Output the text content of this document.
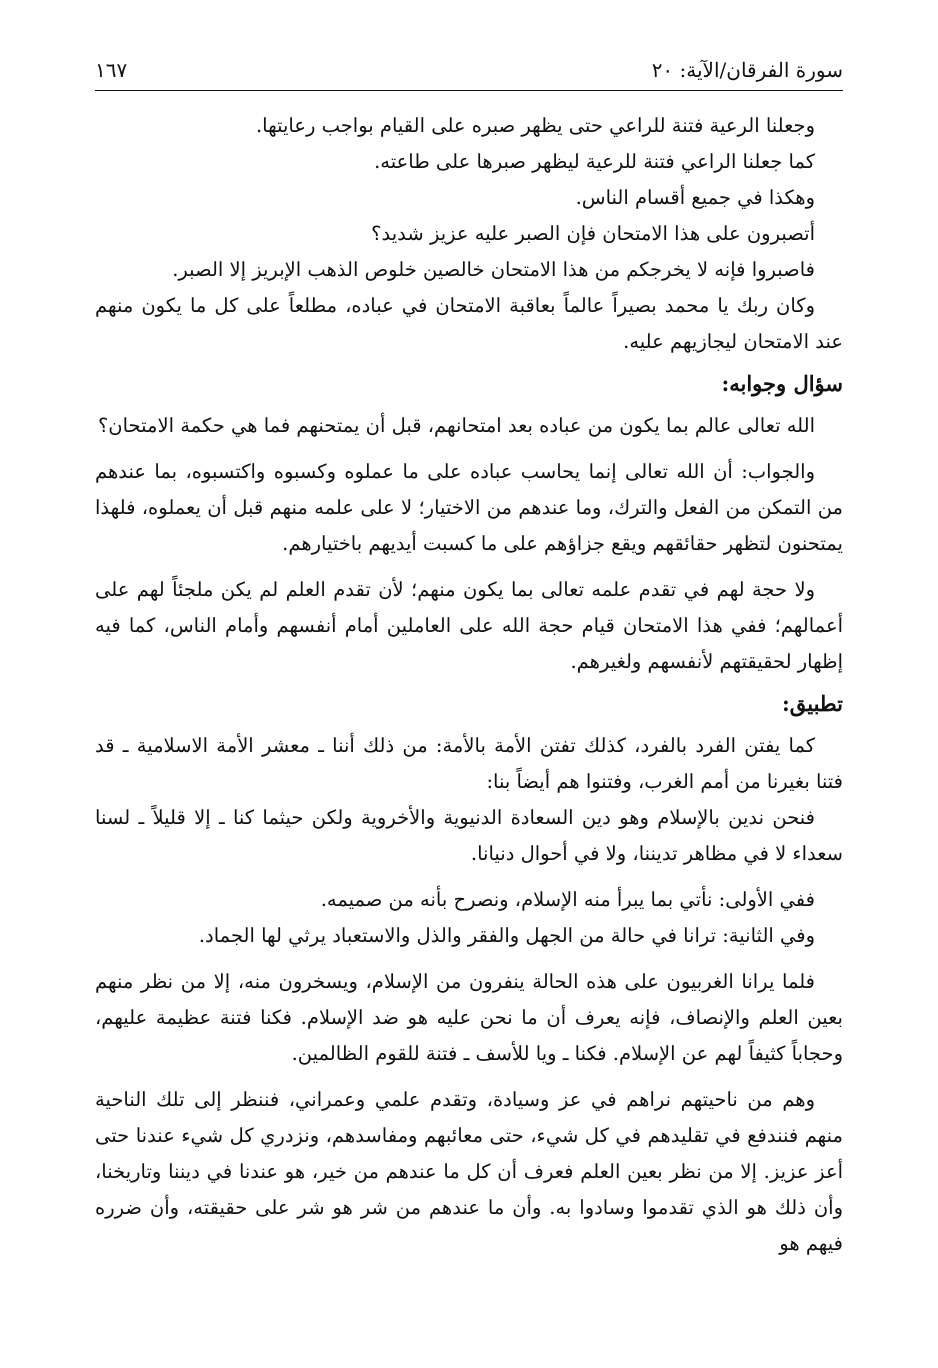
سورة الفرقان/الآية: ٢٠
١٦٧

وجعلنا الرعية فتنة للراعي حتى يظهر صبره على القيام بواجب رعايتها.

كما جعلنا الراعي فتنة للرعية ليظهر صبرها على طاعته.

وهكذا في جميع أقسام الناس.

أتصبرون على هذا الامتحان فإن الصبر عليه عزيز شديد؟

فاصبروا فإنه لا يخرجكم من هذا الامتحان خالصين خلوص الذهب الإبريز إلا الصبر.

وكان ربك يا محمد بصيراً عالماً بعاقبة الامتحان في عباده، مطلعاً على كل ما يكون منهم عند الامتحان ليجازيهم عليه.

سؤال وجوابه:

الله تعالى عالم بما يكون من عباده بعد امتحانهم، قبل أن يمتحنهم فما هي حكمة الامتحان؟

والجواب: أن الله تعالى إنما يحاسب عباده على ما عملوه وكسبوه واكتسبوه، بما عندهم من التمكن من الفعل والترك، وما عندهم من الاختيار؛ لا على علمه منهم قبل أن يعملوه، فلهذا يمتحنون لتظهر حقائقهم ويقع جزاؤهم على ما كسبت أيديهم باختيارهم.

ولا حجة لهم في تقدم علمه تعالى بما يكون منهم؛ لأن تقدم العلم لم يكن ملجئاً لهم على أعمالهم؛ ففي هذا الامتحان قيام حجة الله على العاملين أمام أنفسهم وأمام الناس، كما فيه إظهار لحقيقتهم لأنفسهم ولغيرهم.

تطبيق:

كما يفتن الفرد بالفرد، كذلك تفتن الأمة بالأمة: من ذلك أننا ـ معشر الأمة الاسلامية ـ قد فتنا بغيرنا من أمم الغرب، وفتنوا هم أيضاً بنا:

فنحن ندين بالإسلام وهو دين السعادة الدنيوية والأخروية ولكن حيثما كنا ـ إلا قليلاً ـ لسنا سعداء لا في مظاهر تديننا، ولا في أحوال دنيانا.

ففي الأولى: نأتي بما يبرأ منه الإسلام، ونصرح بأنه من صميمه.

وفي الثانية: ترانا في حالة من الجهل والفقر والذل والاستعباد يرثي لها الجماد.

فلما يرانا الغربيون على هذه الحالة ينفرون من الإسلام، ويسخرون منه، إلا من نظر منهم بعين العلم والإنصاف، فإنه يعرف أن ما نحن عليه هو ضد الإسلام. فكنا فتنة عظيمة عليهم، وحجاباً كثيفاً لهم عن الإسلام. فكنا ـ ويا للأسف ـ فتنة للقوم الظالمين.

وهم من ناحيتهم نراهم في عز وسيادة، وتقدم علمي وعمراني، فننظر إلى تلك الناحية منهم فنندفع في تقليدهم في كل شيء، حتى معائبهم ومفاسدهم، ونزدري كل شيء عندنا حتى أعز عزيز. إلا من نظر بعين العلم فعرف أن كل ما عندهم من خير، هو عندنا في ديننا وتاريخنا، وأن ذلك هو الذي تقدموا وسادوا به. وأن ما عندهم من شر هو شر على حقيقته، وأن ضرره فيهم هو
